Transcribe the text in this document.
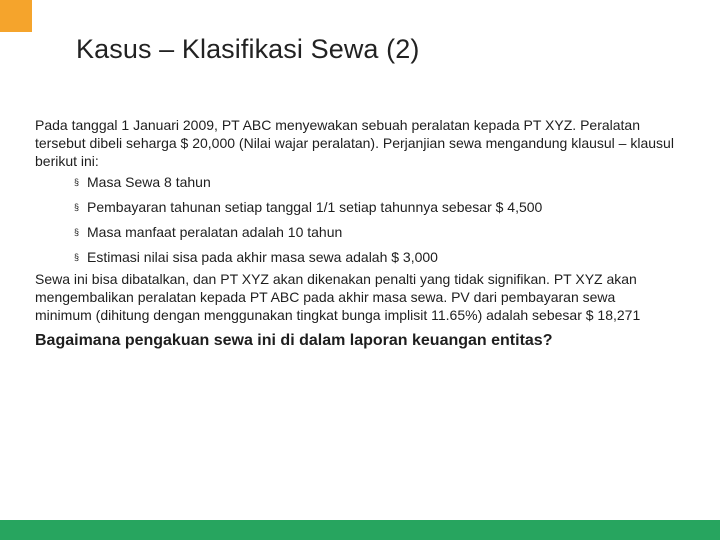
Kasus – Klasifikasi Sewa (2)

Pada tanggal 1 Januari 2009, PT ABC menyewakan sebuah peralatan kepada PT XYZ. Peralatan tersebut dibeli seharga $ 20,000 (Nilai wajar peralatan). Perjanjian sewa mengandung klausul – klausul berikut ini:

§ Masa Sewa 8 tahun
§ Pembayaran tahunan setiap tanggal 1/1 setiap tahunnya sebesar $ 4,500
§ Masa manfaat peralatan adalah 10 tahun
§ Estimasi nilai sisa pada akhir masa sewa adalah $ 3,000

Sewa ini bisa dibatalkan, dan PT XYZ akan dikenakan penalti yang tidak signifikan. PT XYZ akan mengembalikan peralatan kepada PT ABC pada akhir masa sewa. PV dari pembayaran sewa minimum (dihitung dengan menggunakan tingkat bunga implisit 11.65%) adalah sebesar $ 18,271

Bagaimana pengakuan sewa ini di dalam laporan keuangan entitas?
